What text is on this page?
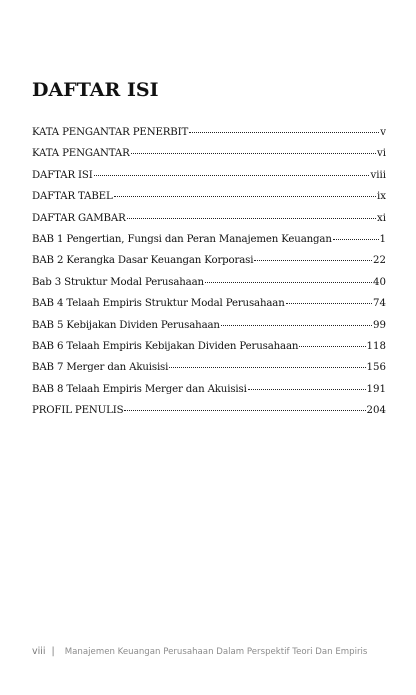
DAFTAR ISI
KATA PENGANTAR PENERBIT	v
KATA PENGANTAR	vi
DAFTAR ISI	viii
DAFTAR TABEL	ix
DAFTAR GAMBAR	xi
BAB 1 Pengertian, Fungsi dan Peran Manajemen Keuangan	1
BAB 2 Kerangka Dasar Keuangan Korporasi	22
Bab 3 Struktur Modal Perusahaan	40
BAB 4 Telaah Empiris Struktur Modal Perusahaan	74
BAB 5 Kebijakan Dividen Perusahaan	99
BAB 6 Telaah Empiris Kebijakan Dividen Perusahaan	118
BAB 7 Merger dan Akuisisi	156
BAB 8 Telaah Empiris Merger dan Akuisisi	191
PROFIL PENULIS	204
viii | Manajemen Keuangan Perusahaan Dalam Perspektif Teori Dan Empiris
